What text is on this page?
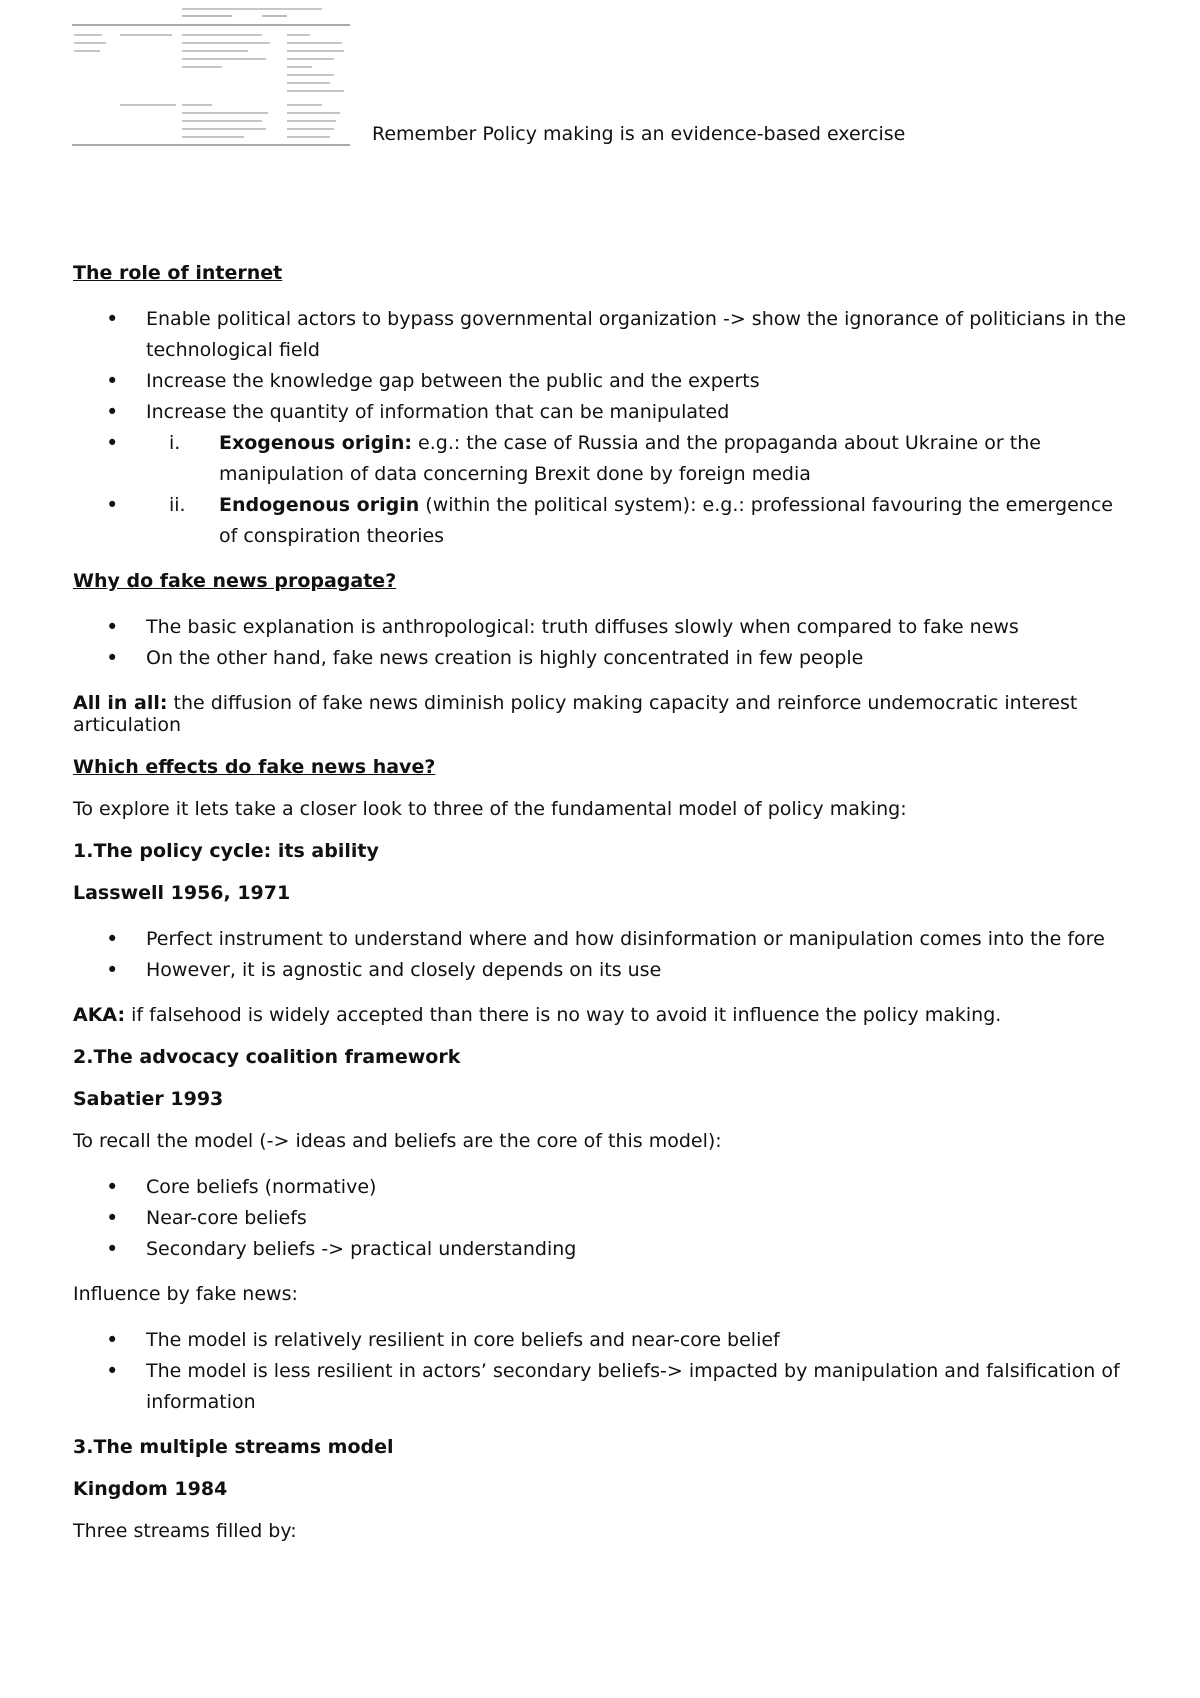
Remember Policy making is an evidence-based exercise

The role of internet

• Enable political actors to bypass governmental organization -> show the ignorance of politicians in the technological field
• Increase the knowledge gap between the public and the experts
• Increase the quantity of information that can be manipulated
• i. Exogenous origin: e.g.: the case of Russia and the propaganda about Ukraine or the manipulation of data concerning Brexit done by foreign media
• ii. Endogenous origin (within the political system): e.g.: professional favouring the emergence of conspiration theories

Why do fake news propagate?

• The basic explanation is anthropological: truth diffuses slowly when compared to fake news
• On the other hand, fake news creation is highly concentrated in few people

All in all: the diffusion of fake news diminish policy making capacity and reinforce undemocratic interest articulation

Which effects do fake news have?

To explore it lets take a closer look to three of the fundamental model of policy making:

1.The policy cycle: its ability

Lasswell 1956, 1971

• Perfect instrument to understand where and how disinformation or manipulation comes into the fore
• However, it is agnostic and closely depends on its use

AKA: if falsehood is widely accepted than there is no way to avoid it influence the policy making.

2.The advocacy coalition framework

Sabatier 1993

To recall the model (-> ideas and beliefs are the core of this model):

• Core beliefs (normative)
• Near-core beliefs
• Secondary beliefs -> practical understanding

Influence by fake news:

• The model is relatively resilient in core beliefs and near-core belief
• The model is less resilient in actors’ secondary beliefs-> impacted by manipulation and falsification of information

3.The multiple streams model

Kingdom 1984

Three streams filled by:
